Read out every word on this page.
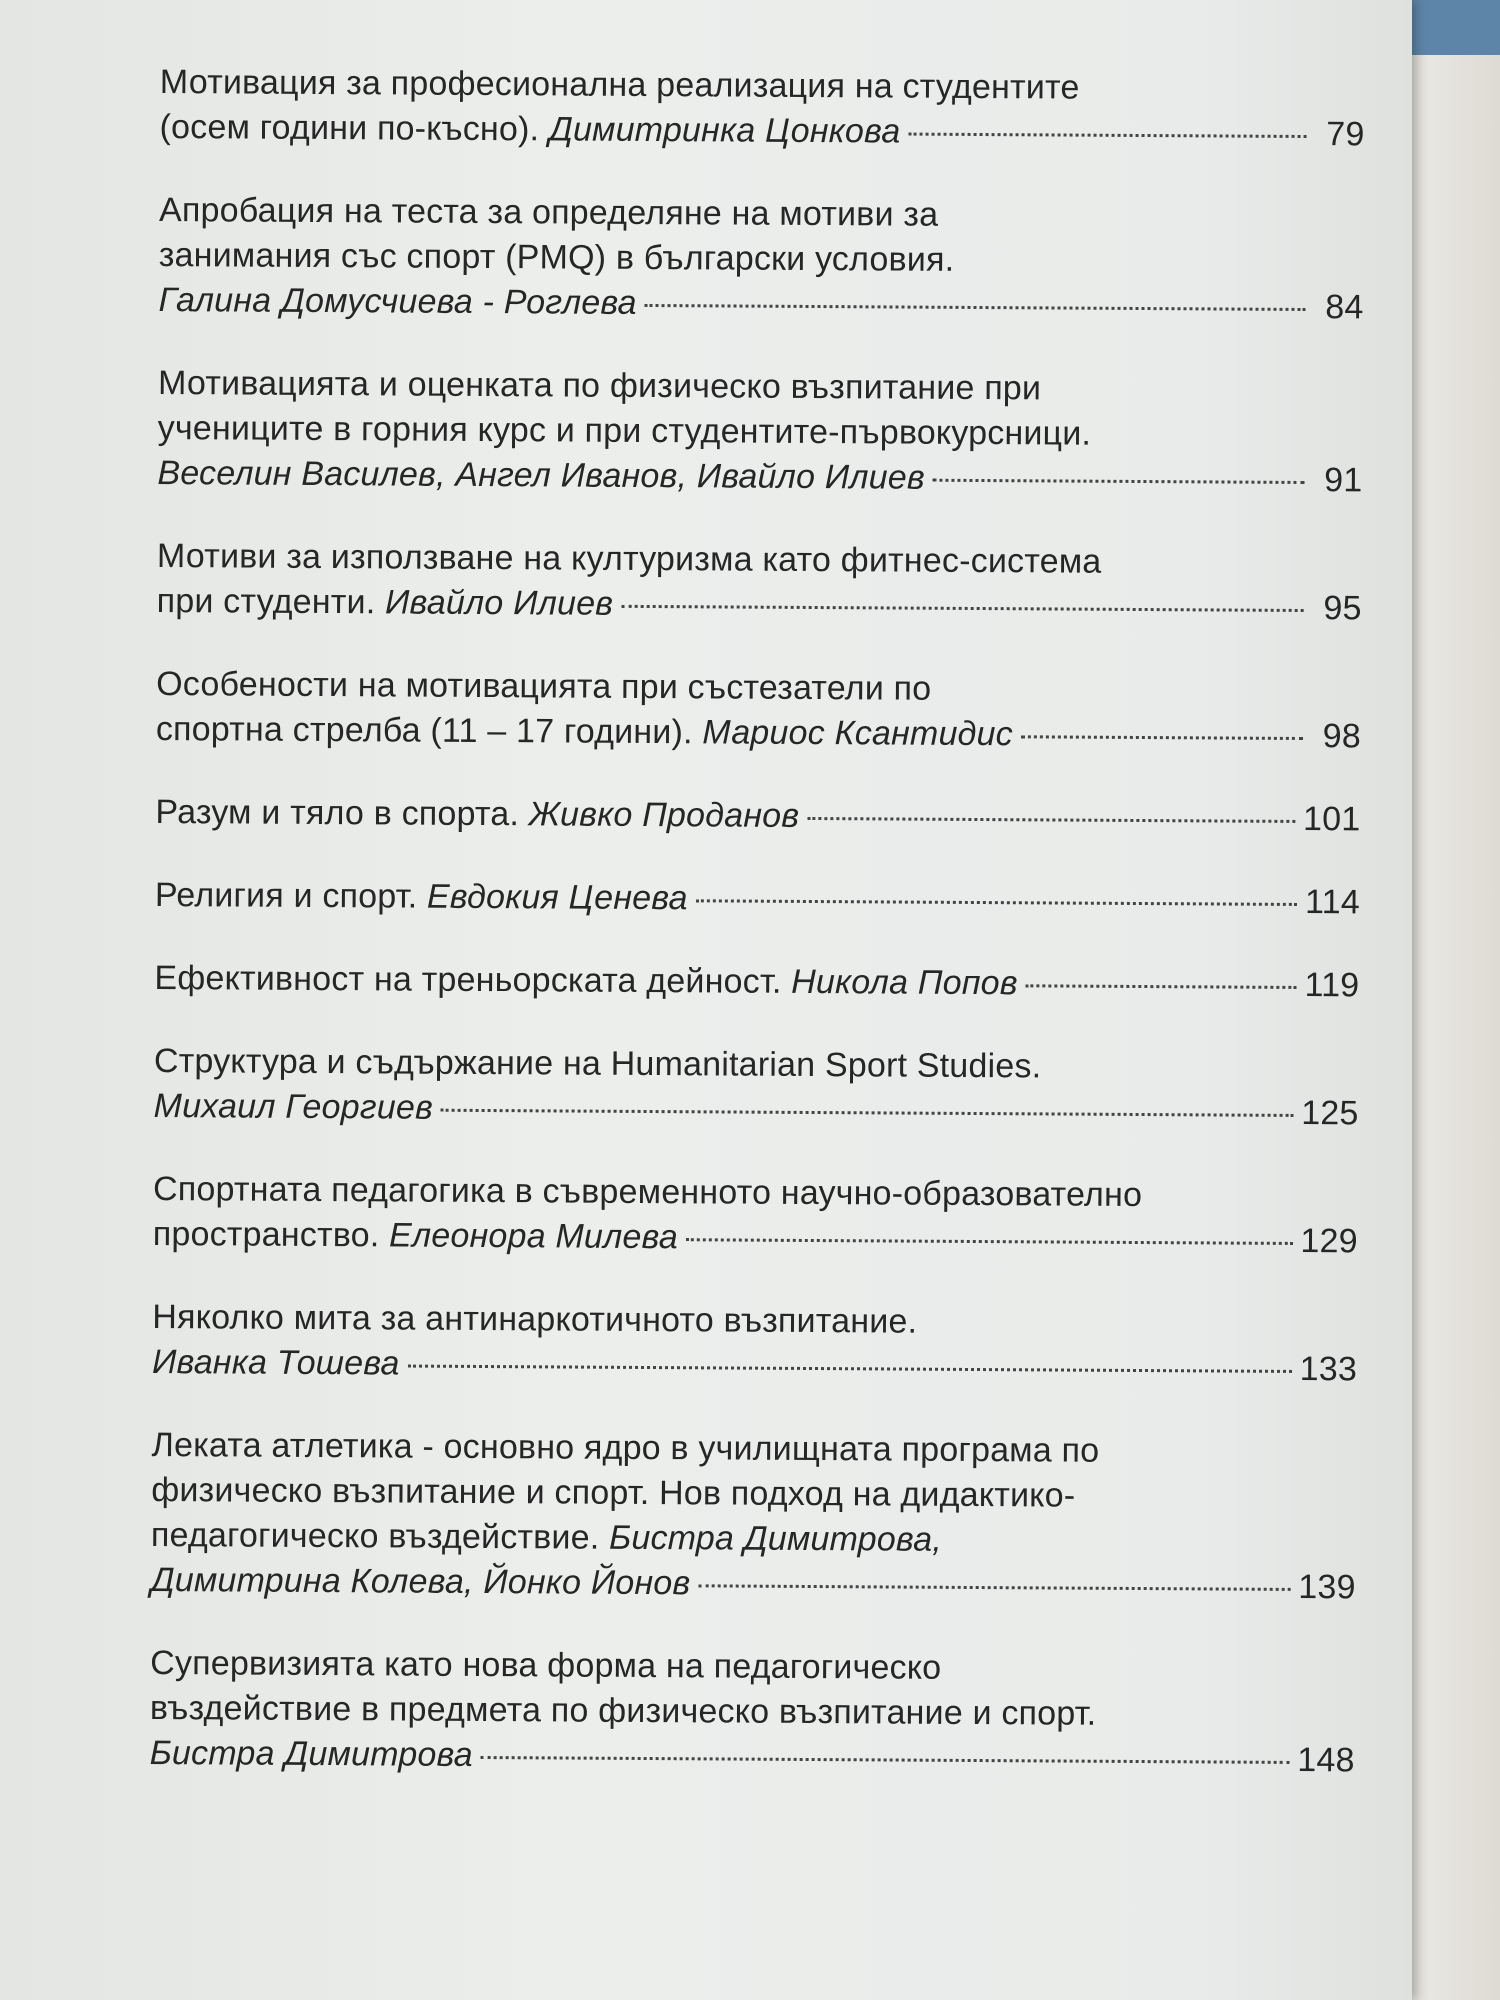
Мотивация за професионална реализация на студентите
(осем години по-късно). Димитринка Цонкова	79
Апробация на теста за определяне на мотиви за
занимания със спорт (PMQ) в български условия.
Галина Домусчиева - Роглева	84
Мотивацията и оценката по физическо възпитание при
учениците в горния курс и при студентите-първокурсници.
Веселин Василев, Ангел Иванов, Ивайло Илиев	91
Мотиви за използване на културизма като фитнес-система
при студенти. Ивайло Илиев	95
Особености на мотивацията при състезатели по
спортна стрелба (11 – 17 години). Мариос Ксантидис	98
Разум и тяло в спорта. Живко Проданов	101
Религия и спорт. Евдокия Ценева	114
Ефективност на треньорската дейност. Никола Попов	119
Структура и съдържание на Humanitarian Sport Studies.
Михаил Георгиев	125
Спортната педагогика в съвременното научно-образователно
пространство. Елеонора Милева	129
Няколко мита за антинаркотичното възпитание.
Иванка Тошева	133
Леката атлетика - основно ядро в училищната програма по
физическо възпитание и спорт. Нов подход на дидактико-
педагогическо въздействие. Бистра Димитрова,
Димитрина Колева, Йонко Йонов	139
Супервизията като нова форма на педагогическо
въздействие в предмета по физическо възпитание и спорт.
Бистра Димитрова	148
